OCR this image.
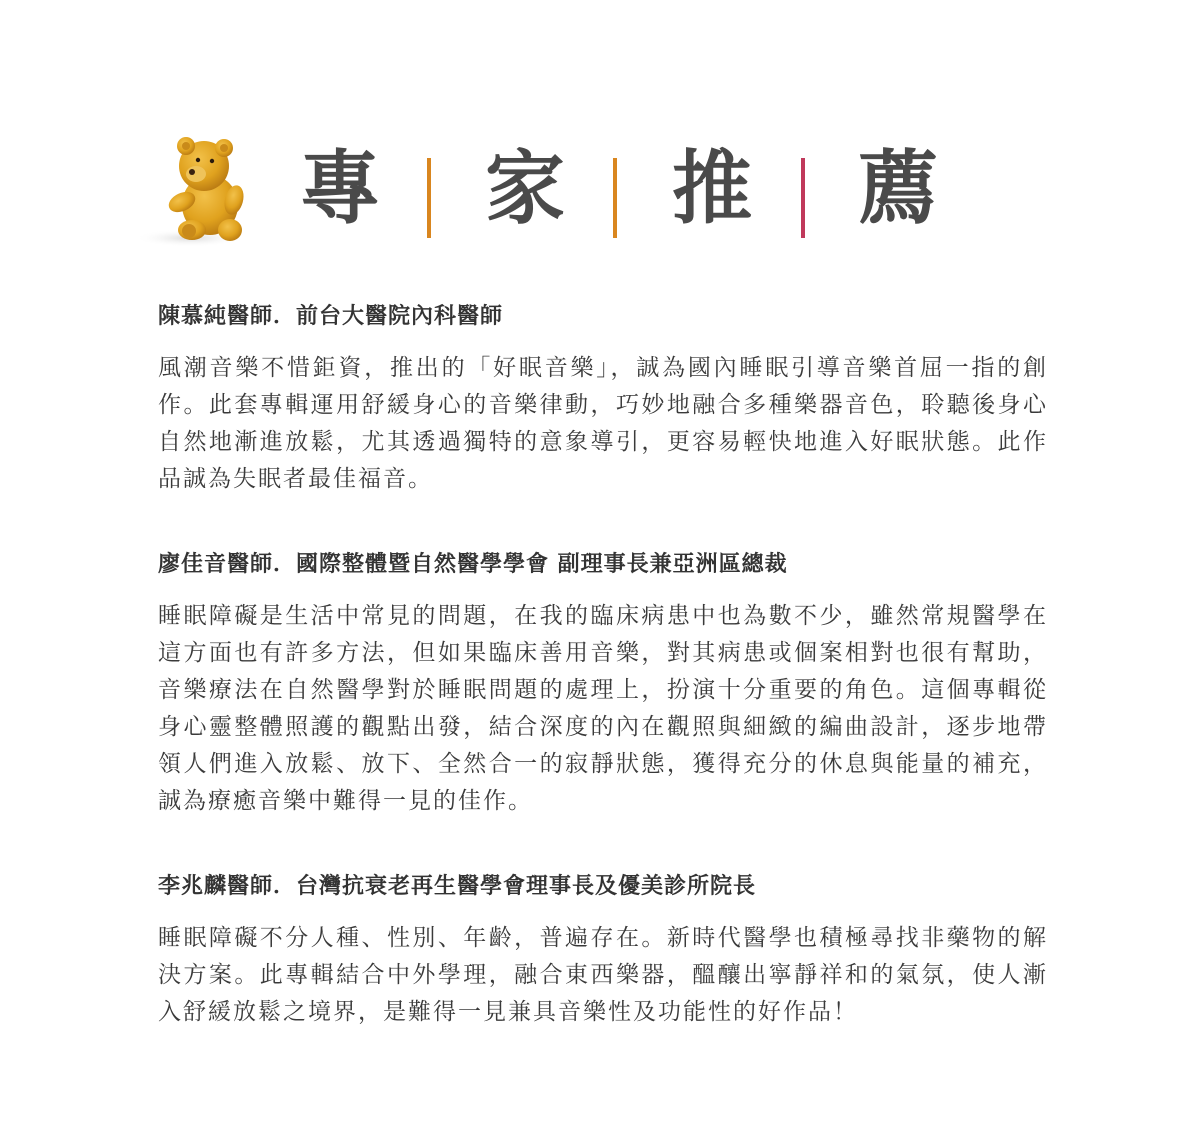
專 家 推 薦
陳慕純醫師．前台大醫院內科醫師

風潮音樂不惜鉅資，推出的「好眠音樂」，誠為國內睡眠引導音樂首屈一指的創作。此套專輯運用舒緩身心的音樂律動，巧妙地融合多種樂器音色，聆聽後身心自然地漸進放鬆，尤其透過獨特的意象導引，更容易輕快地進入好眠狀態。此作品誠為失眠者最佳福音。

廖佳音醫師．國際整體暨自然醫學學會 副理事長兼亞洲區總裁

睡眠障礙是生活中常見的問題，在我的臨床病患中也為數不少，雖然常規醫學在這方面也有許多方法，但如果臨床善用音樂，對其病患或個案相對也很有幫助，音樂療法在自然醫學對於睡眠問題的處理上，扮演十分重要的角色。這個專輯從身心靈整體照護的觀點出發，結合深度的內在觀照與細緻的編曲設計，逐步地帶領人們進入放鬆、放下、全然合一的寂靜狀態，獲得充分的休息與能量的補充，誠為療癒音樂中難得一見的佳作。

李兆麟醫師．台灣抗衰老再生醫學會理事長及優美診所院長

睡眠障礙不分人種、性別、年齡，普遍存在。新時代醫學也積極尋找非藥物的解決方案。此專輯結合中外學理，融合東西樂器，醞釀出寧靜祥和的氣氛，使人漸入舒緩放鬆之境界，是難得一見兼具音樂性及功能性的好作品！
